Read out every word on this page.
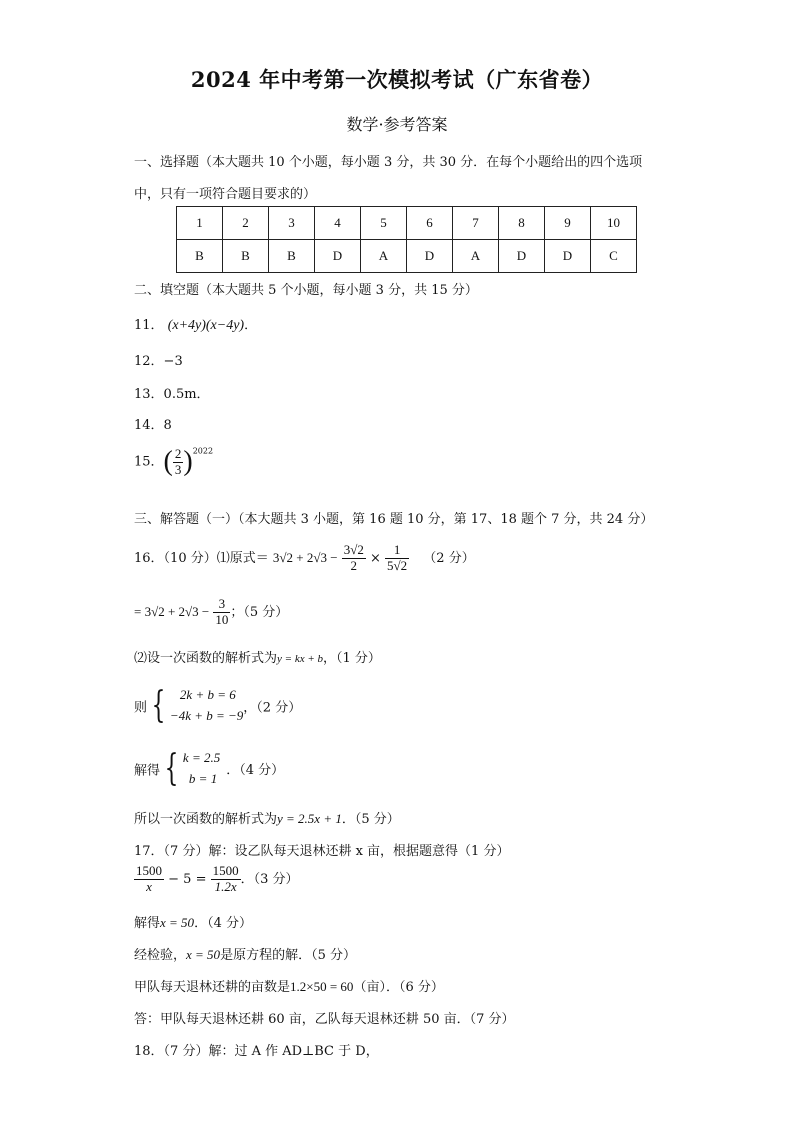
2024 年中考第一次模拟考试（广东省卷）
数学·参考答案
一、选择题（本大题共 10 个小题，每小题 3 分，共 30 分．在每个小题给出的四个选项
中，只有一项符合题目要求的）
1	2	3	4	5	6	7	8	9	10
B	B	B	D	A	D	A	D	D	C
二、填空题（本大题共 5 个小题，每小题 3 分，共 15 分）
11． (x+4y)(x−4y)．
12．−3
13．0.5m．
14．8
15．( $\frac{2}{3} )^{2022}$
三、解答题（一）（本大题共 3 小题，第 16 题 10 分，第 17、18 题个 7 分，共 24 分）
16．（10 分）⑴原式＝ $3√2 + 2√3 - \frac{3√2}{2} \times \frac{1}{5√2} (2$ 分）
= $3√2 + 2√3 - \frac{3}{10}$ ；（5 分）
⑵设一次函数的解析式为y = kx + b，（1 分）
则 {	2k + b = 6
−4k + b = −9 ，（2 分）
解得 { k = 2.5
b = 1 ．（4 分）
所以一次函数的解析式为y = 2.5x + 1．（5 分）
17．（7 分）解：设乙队每天退林还耕 x 亩，根据题意得（1 分）
$\frac{1500}{x} - 5 = \frac{1500}{1.2x}$ ．（3 分）
解得x = 50．（4 分）
经检验，x = 50是原方程的解．（5 分）
甲队每天退林还耕的亩数是1.2×50 = 60（亩）．（6 分）
答：甲队每天退林还耕 60 亩，乙队每天退林还耕 50 亩．（7 分）
18．（7 分）解：过 A 作 AD⊥BC 于 D，
